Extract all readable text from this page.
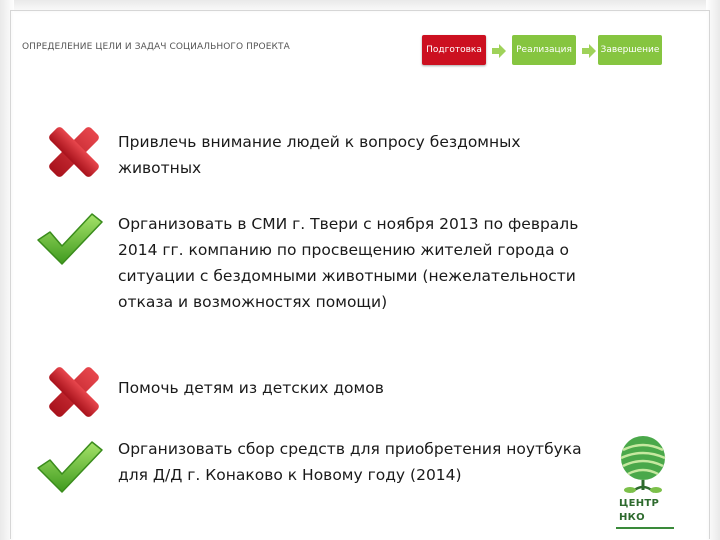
ОПРЕДЕЛЕНИЕ ЦЕЛИ И ЗАДАЧ СОЦИАЛЬНОГО ПРОЕКТА	Подготовка	Реализация	Завершение
Привлечь внимание людей к вопросу бездомных животных
Организовать в СМИ г. Твери с ноября 2013 по февраль 2014 гг. компанию по просвещению жителей города о ситуации с бездомными животными (нежелательности отказа и возможностях помощи)
Помочь детям из детских домов
Организовать сбор средств для приобретения ноутбука для Д/Д г. Конаково к Новому году (2014)
ЦЕНТР
НКО
